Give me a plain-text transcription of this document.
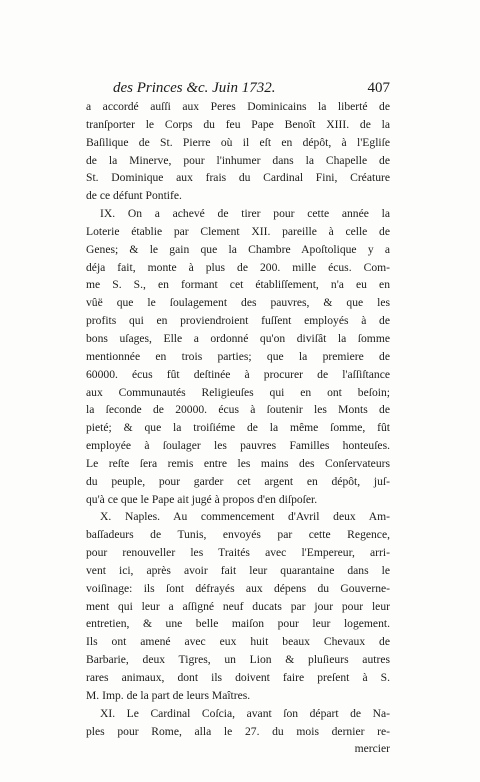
des Princes &c. Juin 1732.	407
a accordé auſſi aux Peres Dominicains la liberté de
tranſporter le Corps du feu Pape Benoît XIII. de la
Baſilique de St. Pierre où il eſt en dépôt, à l'Egliſe
de la Minerve, pour l'inhumer dans la Chapelle de
St. Dominique aux frais du Cardinal Fini, Créature
de ce défunt Pontife.
IX. On a achevé de tirer pour cette année la
Loterie établie par Clement XII. pareille à celle de
Genes; & le gain que la Chambre Apoſtolique y a
déja fait, monte à plus de 200. mille écus. Com-
me S. S., en formant cet établiſſement, n'a eu en
vûë que le ſoulagement des pauvres, & que les
profits qui en proviendroient fuſſent employés à de
bons uſages, Elle a ordonné qu'on diviſât la ſomme
mentionnée en trois parties; que la premiere de
60000. écus fût deſtinée à procurer de l'aſſiſtance
aux Communautés Religieuſes qui en ont beſoin;
la ſeconde de 20000. écus à ſoutenir les Monts de
pieté; & que la troiſiéme de la même ſomme, fût
employée à ſoulager les pauvres Familles honteuſes.
Le reſte ſera remis entre les mains des Conſervateurs
du peuple, pour garder cet argent en dépôt, juſ-
qu'à ce que le Pape ait jugé à propos d'en diſpoſer.
X. Naples. Au commencement d'Avril deux Am-
baſſadeurs de Tunis, envoyés par cette Regence,
pour renouveller les Traités avec l'Empereur, arri-
vent ici, après avoir fait leur quarantaine dans le
voiſinage: ils ſont défrayés aux dépens du Gouverne-
ment qui leur a aſſigné neuf ducats par jour pour leur
entretien, & une belle maiſon pour leur logement.
Ils ont amené avec eux huit beaux Chevaux de
Barbarie, deux Tigres, un Lion & pluſieurs autres
rares animaux, dont ils doivent faire preſent à S.
M. Imp. de la part de leurs Maîtres.
XI. Le Cardinal Coſcia, avant ſon départ de Na-
ples pour Rome, alla le 27. du mois dernier re-
mercier
